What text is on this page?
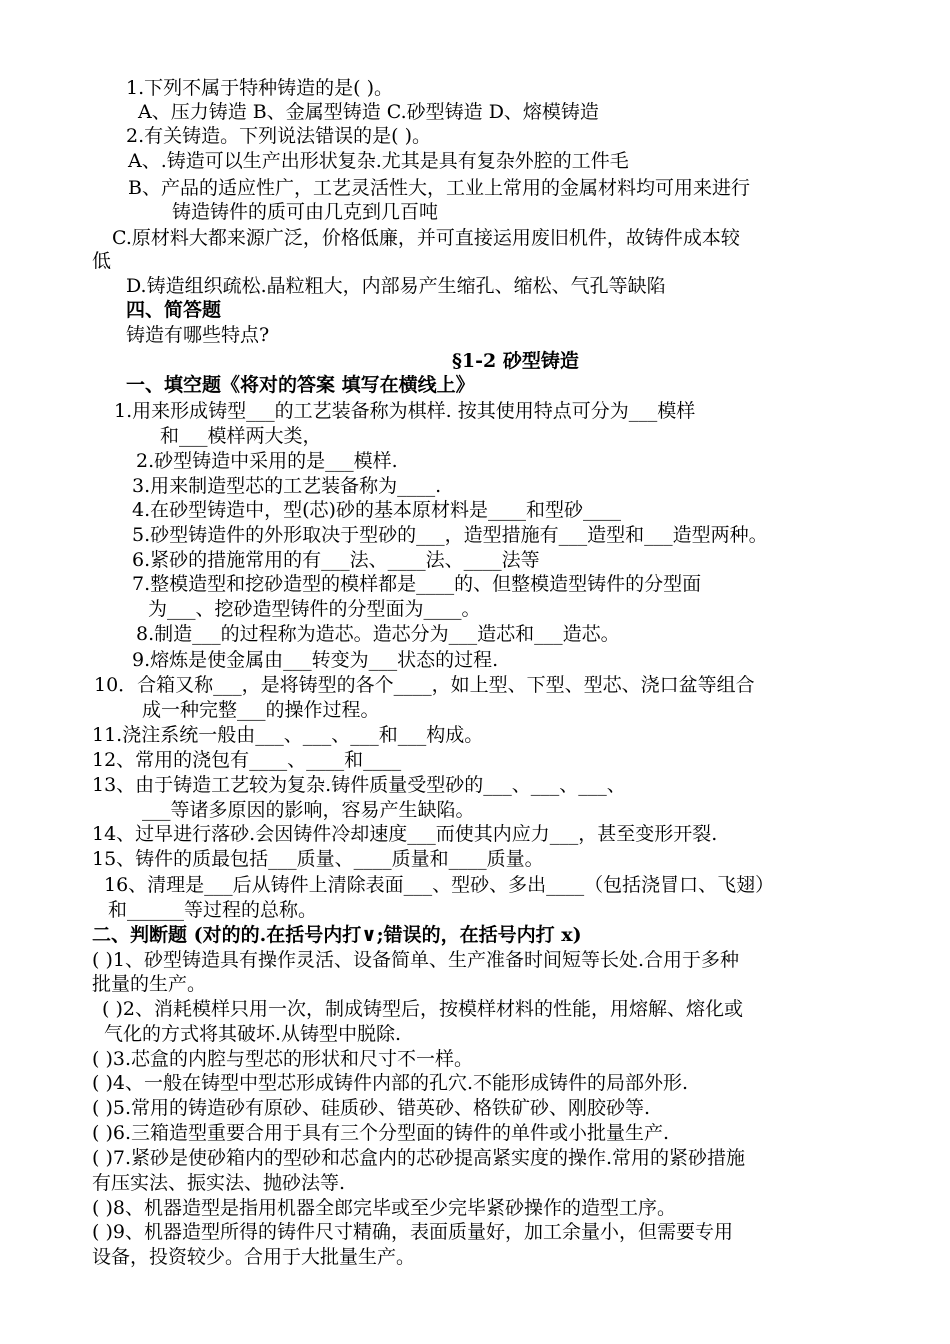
1.下列不属于特种铸造的是( )。
A、压力铸造 B、金属型铸造 C.砂型铸造 D、熔模铸造
2.有关铸造。下列说法错误的是( )。
A、.铸造可以生产出形状复杂.尤其是具有复杂外腔的工件毛
B、产品的适应性广，工艺灵活性大，工业上常用的金属材料均可用来进行
铸造铸件的质可由几克到几百吨
C.原材料大都来源广泛，价格低廉，并可直接运用废旧机件，故铸件成本较
低
D.铸造组织疏松.晶粒粗大，内部易产生缩孔、缩松、气孔等缺陷
四、简答题
铸造有哪些特点?
§1-2 砂型铸造
一、填空题《将对的答案 填写在横线上》
1.用来形成铸型___的工艺装备称为棋样. 按其使用特点可分为___模样
和___模样两大类，
2.砂型铸造中采用的是___模样.
3.用来制造型芯的工艺装备称为____.
4.在砂型铸造中，型(芯)砂的基本原材料是____和型砂____
5.砂型铸造件的外形取决于型砂的___，造型措施有___造型和___造型两种。
6.紧砂的措施常用的有___法、____法、____法等
7.整模造型和挖砂造型的模样都是____的、但整模造型铸件的分型面
为___、挖砂造型铸件的分型面为____。
8.制造___的过程称为造芯。造芯分为___造芯和___造芯。
9.熔炼是使金属由___转变为___状态的过程.
10．合箱又称___，是将铸型的各个____，如上型、下型、型芯、浇口盆等组合
成一种完整___的操作过程。
11.浇注系统一般由___、___、___和___构成。
12、常用的浇包有____、____和____
13、由于铸造工艺较为复杂.铸件质量受型砂的___、___、___、
___等诸多原因的影响，容易产生缺陷。
14、过早进行落砂.会因铸件冷却速度___而使其内应力___，甚至变形开裂.
15、铸件的质最包括___质量、____质量和____质量。
16、清理是___后从铸件上清除表面___、型砂、多出____（包括浇冒口、飞翅）
和______等过程的总称。
二、判断题 (对的的.在括号内打∨;错误的，在括号内打 x)
( )1、砂型铸造具有操作灵活、设备简单、生产准备时间短等长处.合用于多种
批量的生产。
( )2、消耗模样只用一次，制成铸型后，按模样材料的性能，用熔解、熔化或
气化的方式将其破坏.从铸型中脱除.
( )3.芯盒的内腔与型芯的形状和尺寸不一样。
( )4、一般在铸型中型芯形成铸件内部的孔穴.不能形成铸件的局部外形.
( )5.常用的铸造砂有原砂、硅质砂、错英砂、格铁矿砂、刚胶砂等.
( )6.三箱造型重要合用于具有三个分型面的铸件的单件或小批量生产.
( )7.紧砂是使砂箱内的型砂和芯盒内的芯砂提高紧实度的操作.常用的紧砂措施
有压实法、振实法、抛砂法等.
( )8、机器造型是指用机器全郎完毕或至少完毕紧砂操作的造型工序。
( )9、机器造型所得的铸件尺寸精确，表面质量好，加工余量小，但需要专用
设备，投资较少。合用于大批量生产。
